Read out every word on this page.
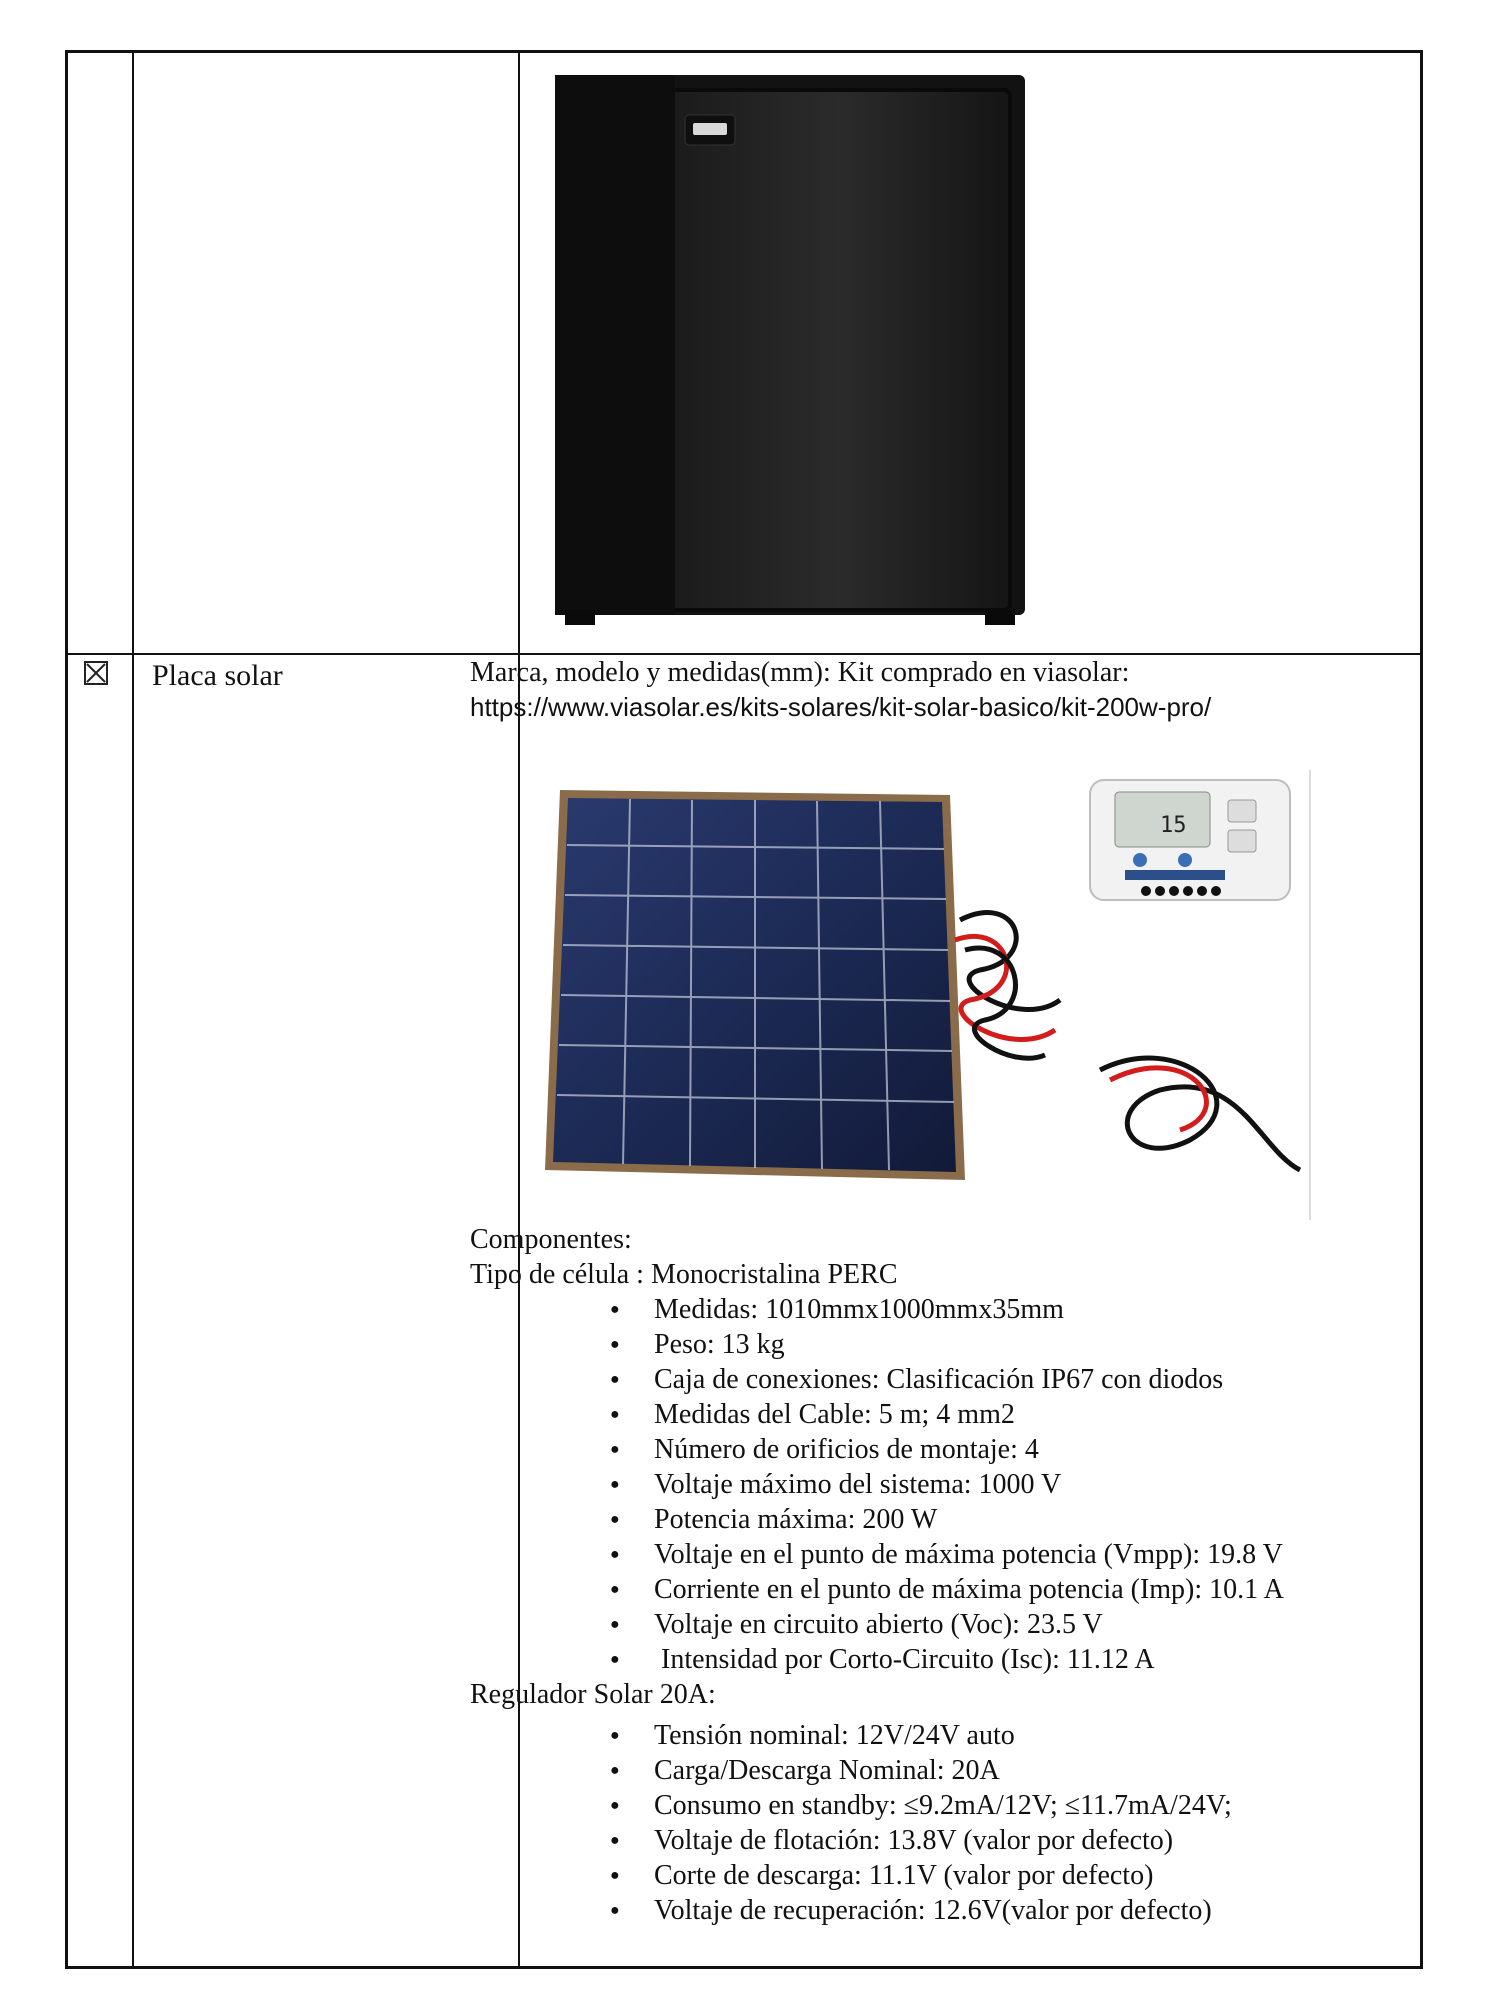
15
Placa solar	Marca, modelo y medidas(mm): Kit comprado en viasolar:

https://www.viasolar.es/kits-solares/kit-solar-basico/kit-200w-pro/

Componentes:

Tipo de célula : Monocristalina PERC

● Medidas: 1010mmx1000mmx35mm
● Peso: 13 kg
● Caja de conexiones: Clasificación IP67 con diodos
● Medidas del Cable: 5 m; 4 mm2
● Número de orificios de montaje: 4
● Voltaje máximo del sistema: 1000 V
● Potencia máxima: 200 W
● Voltaje en el punto de máxima potencia (Vmpp): 19.8 V
● Corriente en el punto de máxima potencia (Imp): 10.1 A
● Voltaje en circuito abierto (Voc): 23.5 V
●  Intensidad por Corto-Circuito (Isc): 11.12 A

Regulador Solar 20A:

● Tensión nominal: 12V/24V auto
● Carga/Descarga Nominal: 20A
● Consumo en standby: ≤9.2mA/12V; ≤11.7mA/24V;
● Voltaje de flotación: 13.8V (valor por defecto)
● Corte de descarga: 11.1V (valor por defecto)
● Voltaje de recuperación: 12.6V(valor por defecto)
